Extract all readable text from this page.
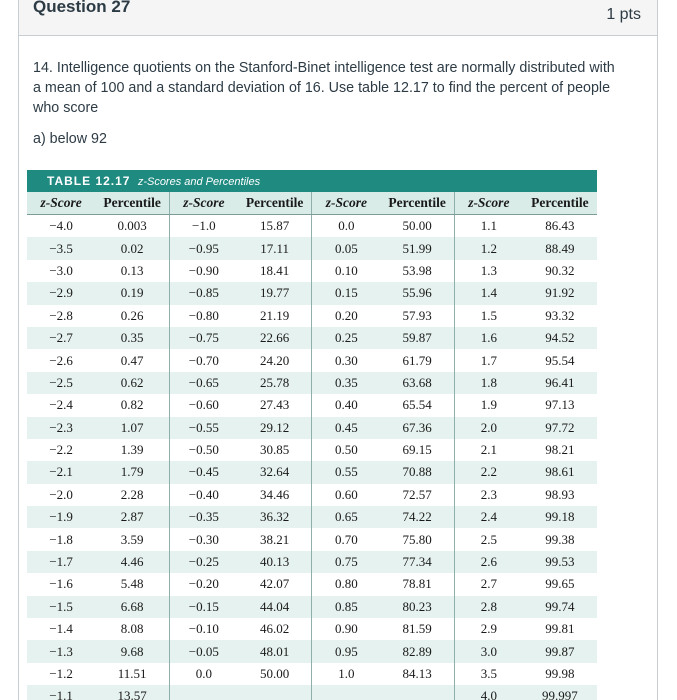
Question 27	1 pts
14. Intelligence quotients on the Stanford-Binet intelligence test are normally distributed with a mean of 100 and a standard deviation of 16. Use table 12.17 to find the percent of people who score
a) below 92
TABLE 12.17 z-Scores and Percentiles
z-Score	Percentile	z-Score	Percentile	z-Score	Percentile	z-Score	Percentile
−4.0	0.003	−1.0	15.87	0.0	50.00	1.1	86.43
−3.5	0.02	−0.95	17.11	0.05	51.99	1.2	88.49
−3.0	0.13	−0.90	18.41	0.10	53.98	1.3	90.32
−2.9	0.19	−0.85	19.77	0.15	55.96	1.4	91.92
−2.8	0.26	−0.80	21.19	0.20	57.93	1.5	93.32
−2.7	0.35	−0.75	22.66	0.25	59.87	1.6	94.52
−2.6	0.47	−0.70	24.20	0.30	61.79	1.7	95.54
−2.5	0.62	−0.65	25.78	0.35	63.68	1.8	96.41
−2.4	0.82	−0.60	27.43	0.40	65.54	1.9	97.13
−2.3	1.07	−0.55	29.12	0.45	67.36	2.0	97.72
−2.2	1.39	−0.50	30.85	0.50	69.15	2.1	98.21
−2.1	1.79	−0.45	32.64	0.55	70.88	2.2	98.61
−2.0	2.28	−0.40	34.46	0.60	72.57	2.3	98.93
−1.9	2.87	−0.35	36.32	0.65	74.22	2.4	99.18
−1.8	3.59	−0.30	38.21	0.70	75.80	2.5	99.38
−1.7	4.46	−0.25	40.13	0.75	77.34	2.6	99.53
−1.6	5.48	−0.20	42.07	0.80	78.81	2.7	99.65
−1.5	6.68	−0.15	44.04	0.85	80.23	2.8	99.74
−1.4	8.08	−0.10	46.02	0.90	81.59	2.9	99.81
−1.3	9.68	−0.05	48.01	0.95	82.89	3.0	99.87
−1.2	11.51	0.0	50.00	1.0	84.13	3.5	99.98
−1.1	13.57					4.0	99.997
